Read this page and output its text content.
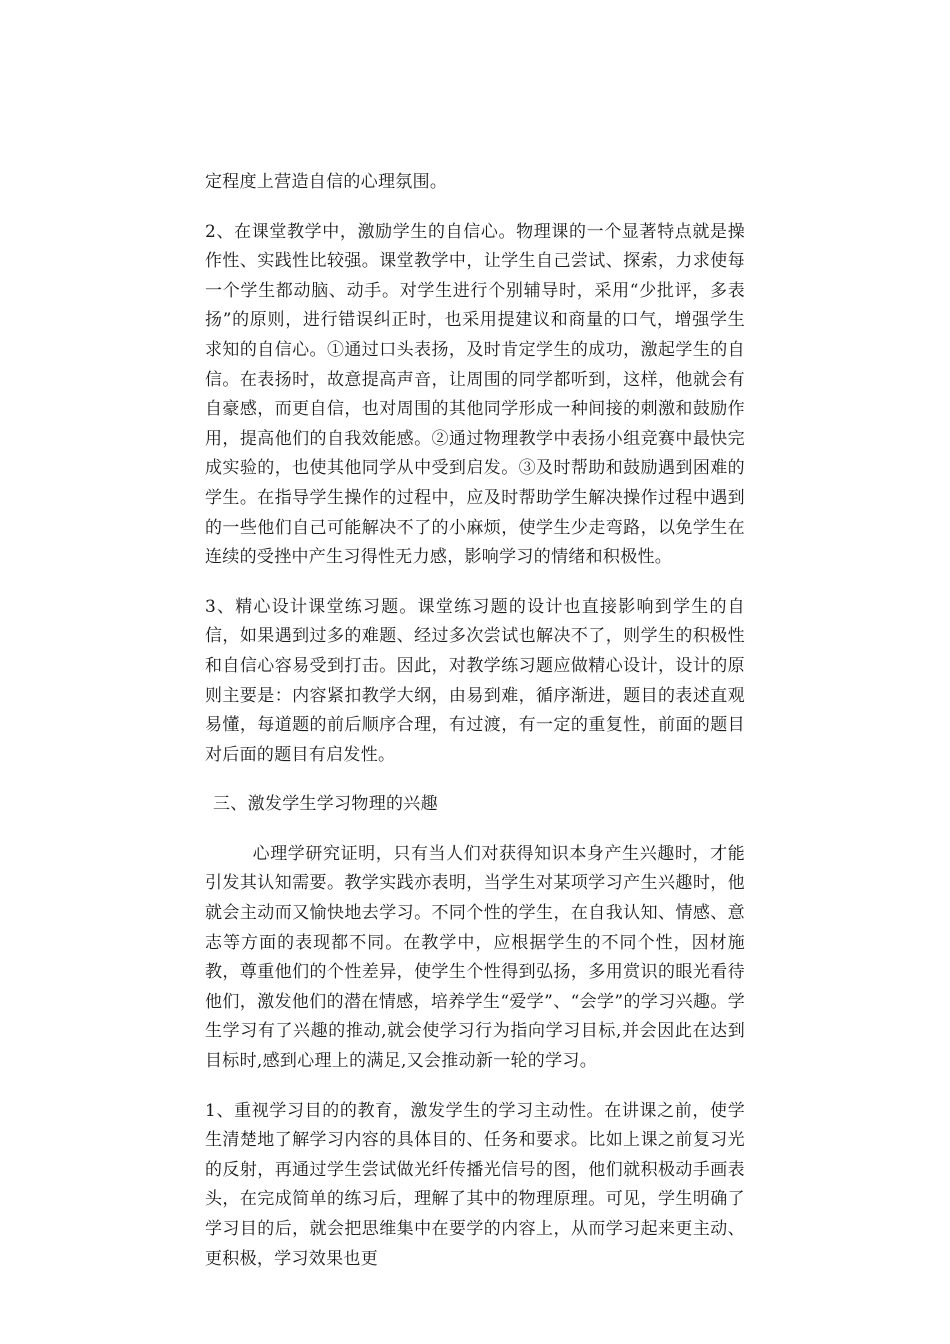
定程度上营造自信的心理氛围。

2、在课堂教学中，激励学生的自信心。物理课的一个显著特点就是操作性、实践性比较强。课堂教学中，让学生自己尝试、探索，力求使每一个学生都动脑、动手。对学生进行个别辅导时，采用“少批评，多表扬”的原则，进行错误纠正时，也采用提建议和商量的口气，增强学生求知的自信心。①通过口头表扬，及时肯定学生的成功，激起学生的自信。在表扬时，故意提高声音，让周围的同学都听到，这样，他就会有自豪感，而更自信，也对周围的其他同学形成一种间接的刺激和鼓励作用，提高他们的自我效能感。②通过物理教学中表扬小组竞赛中最快完成实验的，也使其他同学从中受到启发。③及时帮助和鼓励遇到困难的学生。在指导学生操作的过程中，应及时帮助学生解决操作过程中遇到的一些他们自己可能解决不了的小麻烦，使学生少走弯路，以免学生在连续的受挫中产生习得性无力感，影响学习的情绪和积极性。

3、精心设计课堂练习题。课堂练习题的设计也直接影响到学生的自信，如果遇到过多的难题、经过多次尝试也解决不了，则学生的积极性和自信心容易受到打击。因此，对教学练习题应做精心设计，设计的原则主要是：内容紧扣教学大纲，由易到难，循序渐进，题目的表述直观易懂，每道题的前后顺序合理，有过渡，有一定的重复性，前面的题目对后面的题目有启发性。

三、激发学生学习物理的兴趣

心理学研究证明，只有当人们对获得知识本身产生兴趣时，才能引发其认知需要。教学实践亦表明，当学生对某项学习产生兴趣时，他就会主动而又愉快地去学习。不同个性的学生，在自我认知、情感、意志等方面的表现都不同。在教学中，应根据学生的不同个性，因材施教，尊重他们的个性差异，使学生个性得到弘扬，多用赏识的眼光看待他们，激发他们的潜在情感，培养学生“爱学”、“会学”的学习兴趣。学生学习有了兴趣的推动,就会使学习行为指向学习目标,并会因此在达到目标时,感到心理上的满足,又会推动新一轮的学习。

1、重视学习目的的教育，激发学生的学习主动性。在讲课之前，使学生清楚地了解学习内容的具体目的、任务和要求。比如上课之前复习光的反射，再通过学生尝试做光纤传播光信号的图，他们就积极动手画表头，在完成简单的练习后，理解了其中的物理原理。可见，学生明确了学习目的后，就会把思维集中在要学的内容上，从而学习起来更主动、更积极，学习效果也更
